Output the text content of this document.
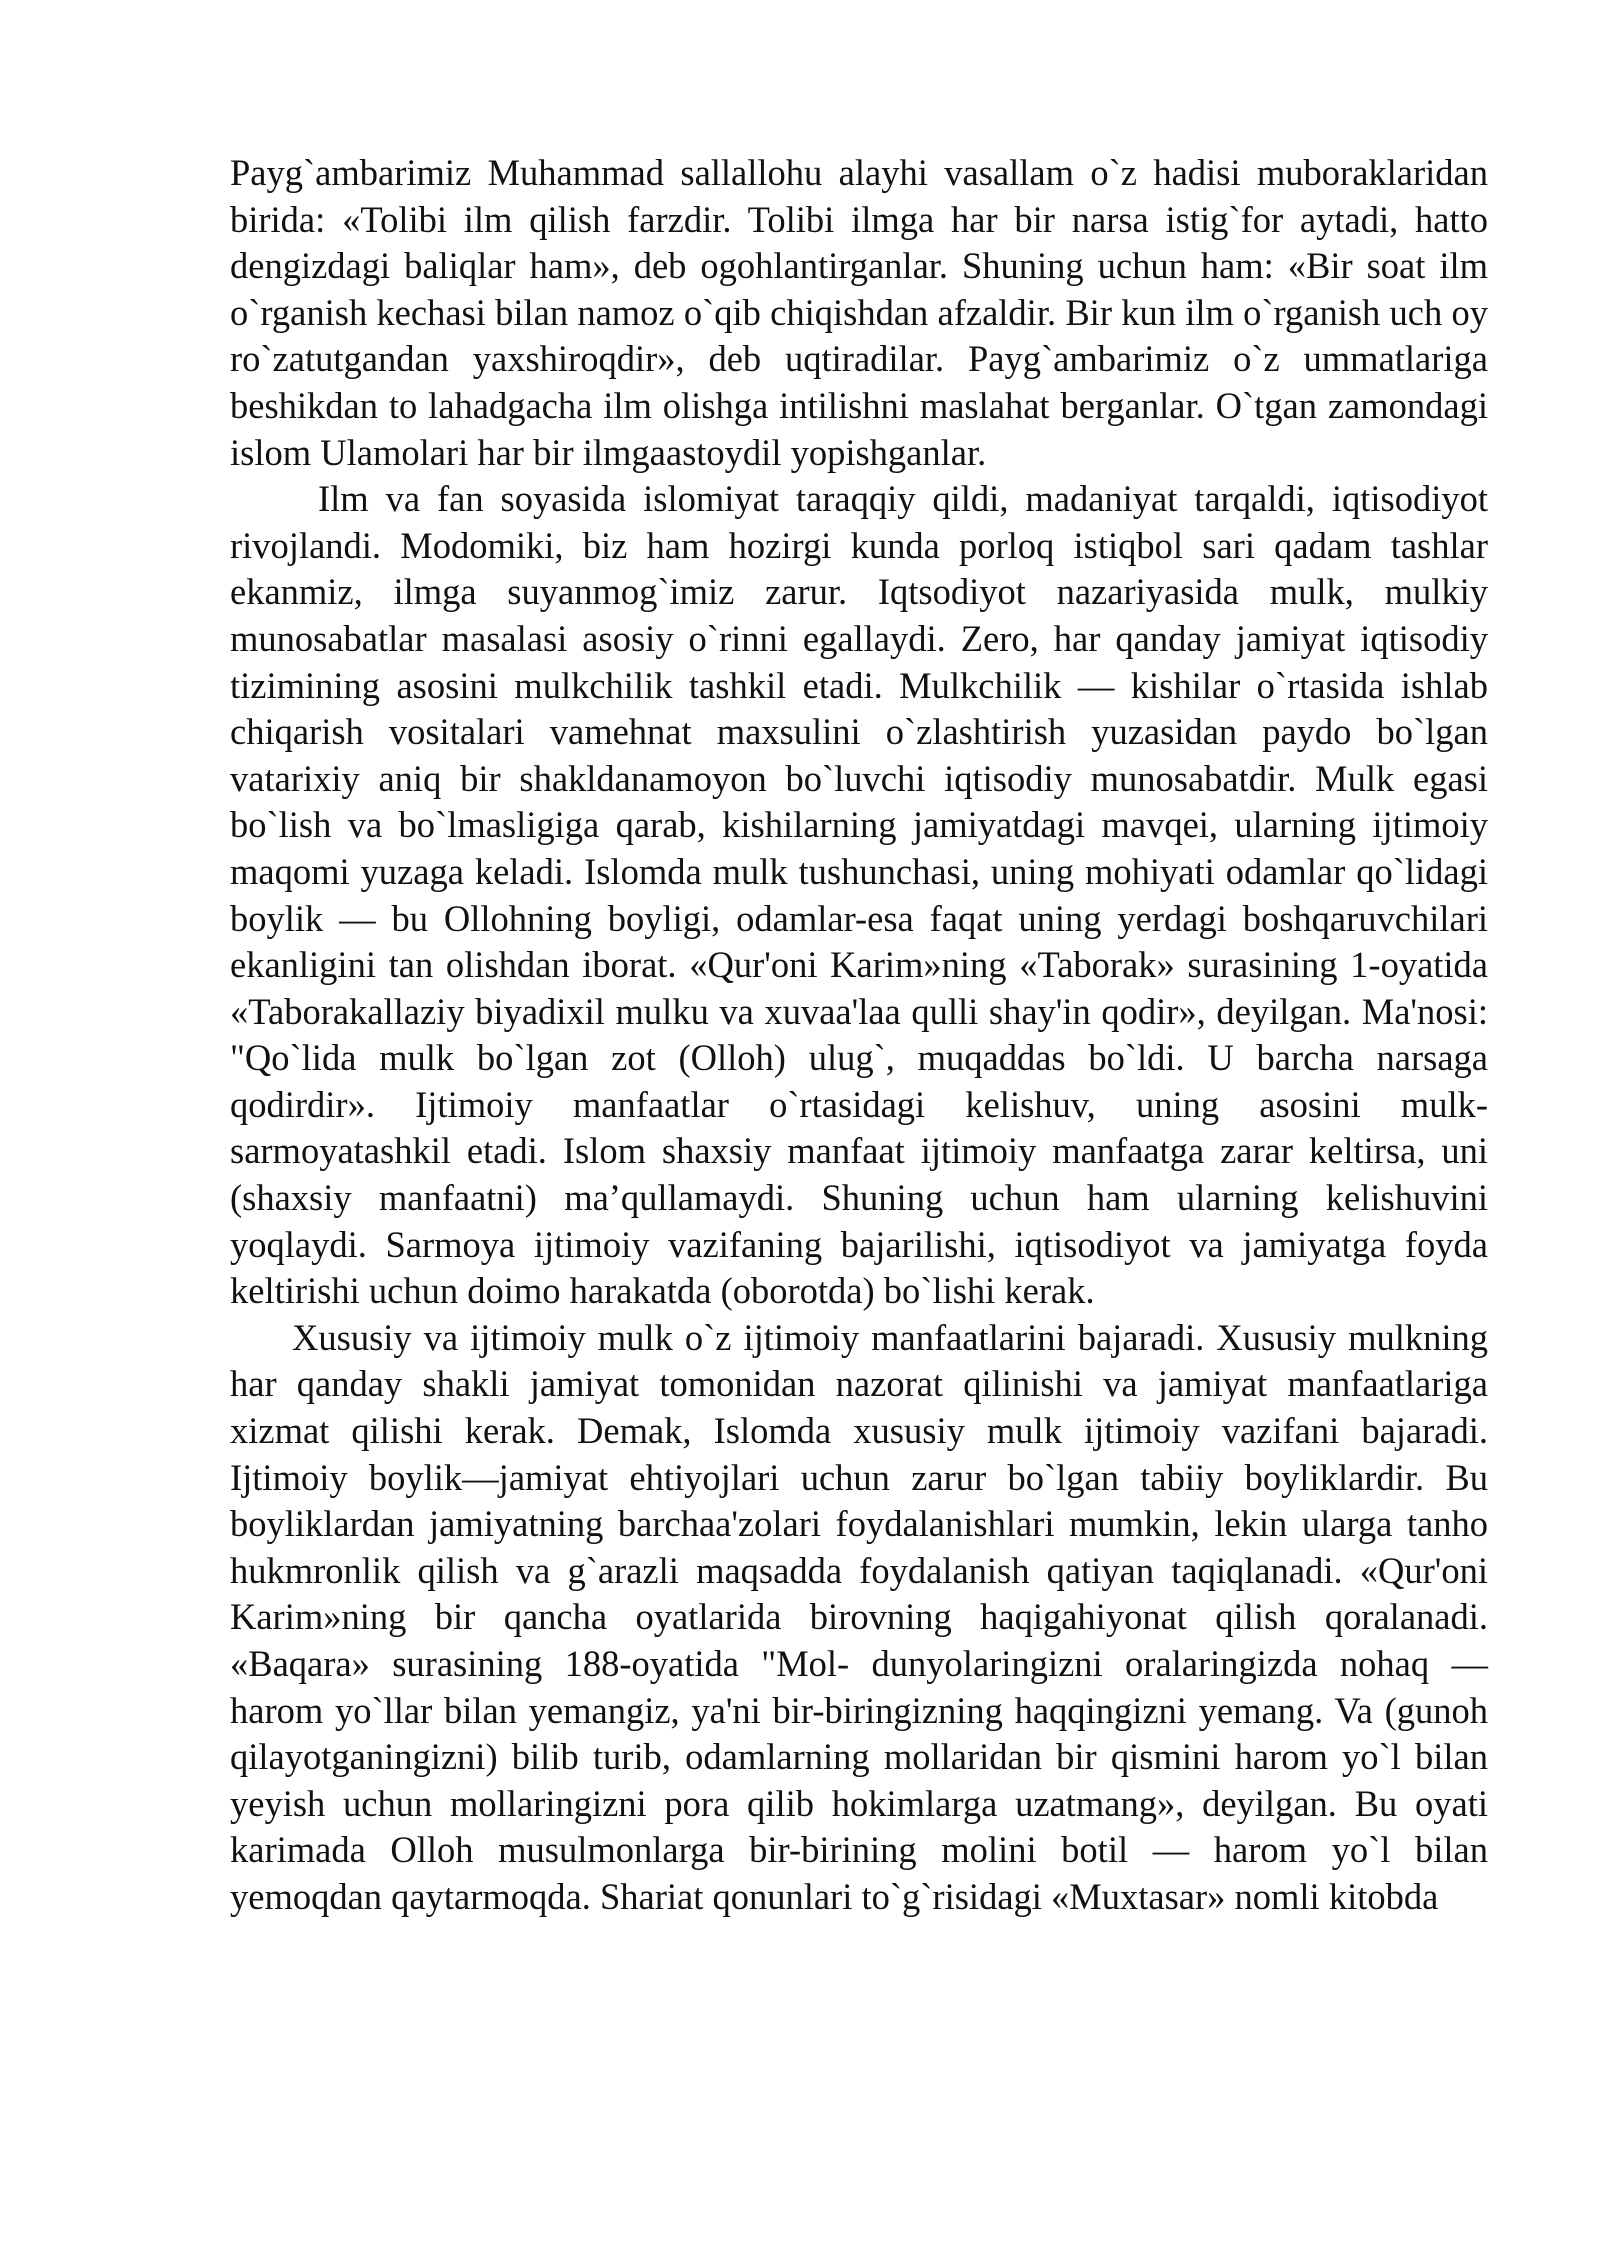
Payg`ambarimiz Muhammad sallallohu alayhi vasallam o`z hadisi muboraklaridan birida: «Tolibi ilm qilish farzdir. Tolibi ilmga har bir narsa istig`for aytadi, hatto dengizdagi baliqlar ham», deb ogohlantirganlar. Shuning uchun ham: «Bir soat ilm o`rganish kechasi bilan namoz o`qib chiqishdan afzaldir. Bir kun ilm o`rganish uch oy ro`zatutgandan yaxshiroqdir», deb uqtiradilar. Payg`ambarimiz o`z ummatlariga beshikdan to lahadgacha ilm olishga intilishni maslahat berganlar. O`tgan zamondagi islom Ulamolari har bir ilmgaastoydil yopishganlar.

Ilm va fan soyasida islomiyat taraqqiy qildi, madaniyat tarqaldi, iqtisodiyot rivojlandi. Modomiki, biz ham hozirgi kunda porloq istiqbol sari qadam tashlar ekanmiz, ilmga suyanmog`imiz zarur. Iqtsodiyot nazariyasida mulk, mulkiy munosabatlar masalasi asosiy o`rinni egallaydi. Zero, har qanday jamiyat iqtisodiy tizimining asosini mulkchilik tashkil etadi. Mulkchilik — kishilar o`rtasida ishlab chiqarish vositalari vamehnat maxsulini o`zlashtirish yuzasidan paydo bo`lgan vatarixiy aniq bir shakldanamoyon bo`luvchi iqtisodiy munosabatdir. Mulk egasi bo`lish va bo`lmasligiga qarab, kishilarning jamiyatdagi mavqei, ularning ijtimoiy maqomi yuzaga keladi. Islomda mulk tushunchasi, uning mohiyati odamlar qo`lidagi boylik — bu Ollohning boyligi, odamlar-esa faqat uning yerdagi boshqaruvchilari ekanligini tan olishdan iborat. «Qur'oni Karim»ning «Taborak» surasining 1-oyatida «Taborakallaziy biyadixil mulku va xuvaa'laa qulli shay'in qodir», deyilgan. Ma'nosi: "Qo`lida mulk bo`lgan zot (Olloh) ulug`, muqaddas bo`ldi. U barcha narsaga qodirdir». Ijtimoiy manfaatlar o`rtasidagi kelishuv, uning asosini mulk-sarmoyatashkil etadi. Islom shaxsiy manfaat ijtimoiy manfaatga zarar keltirsa, uni (shaxsiy manfaatni) ma’qullamaydi. Shuning uchun ham ularning kelishuvini yoqlaydi. Sarmoya ijtimoiy vazifaning bajarilishi, iqtisodiyot va jamiyatga foyda keltirishi uchun doimo harakatda (oborotda) bo`lishi kerak.

Xususiy va ijtimoiy mulk o`z ijtimoiy manfaatlarini bajaradi. Xususiy mulkning har qanday shakli jamiyat tomonidan nazorat qilinishi va jamiyat manfaatlariga xizmat qilishi kerak. Demak, Islomda xususiy mulk ijtimoiy vazifani bajaradi. Ijtimoiy boylik—jamiyat ehtiyojlari uchun zarur bo`lgan tabiiy boyliklardir. Bu boyliklardan jamiyatning barchaa'zolari foydalanishlari mumkin, lekin ularga tanho hukmronlik qilish va g`arazli maqsadda foydalanish qatiyan taqiqlanadi. «Qur'oni Karim»ning bir qancha oyatlarida birovning haqigahiyonat qilish qoralanadi. «Baqara» surasining 188-oyatida "Mol- dunyolaringizni oralaringizda nohaq — harom yo`llar bilan yemangiz, ya'ni bir-biringizning haqqingizni yemang. Va (gunoh qilayotganingizni) bilib turib, odamlarning mollaridan bir qismini harom yo`l bilan yeyish uchun mollaringizni pora qilib hokimlarga uzatmang», deyilgan. Bu oyati karimada Olloh musulmonlarga bir-birining molini botil — harom yo`l bilan yemoqdan qaytarmoqda. Shariat qonunlari to`g`risidagi «Muxtasar» nomli kitobda
